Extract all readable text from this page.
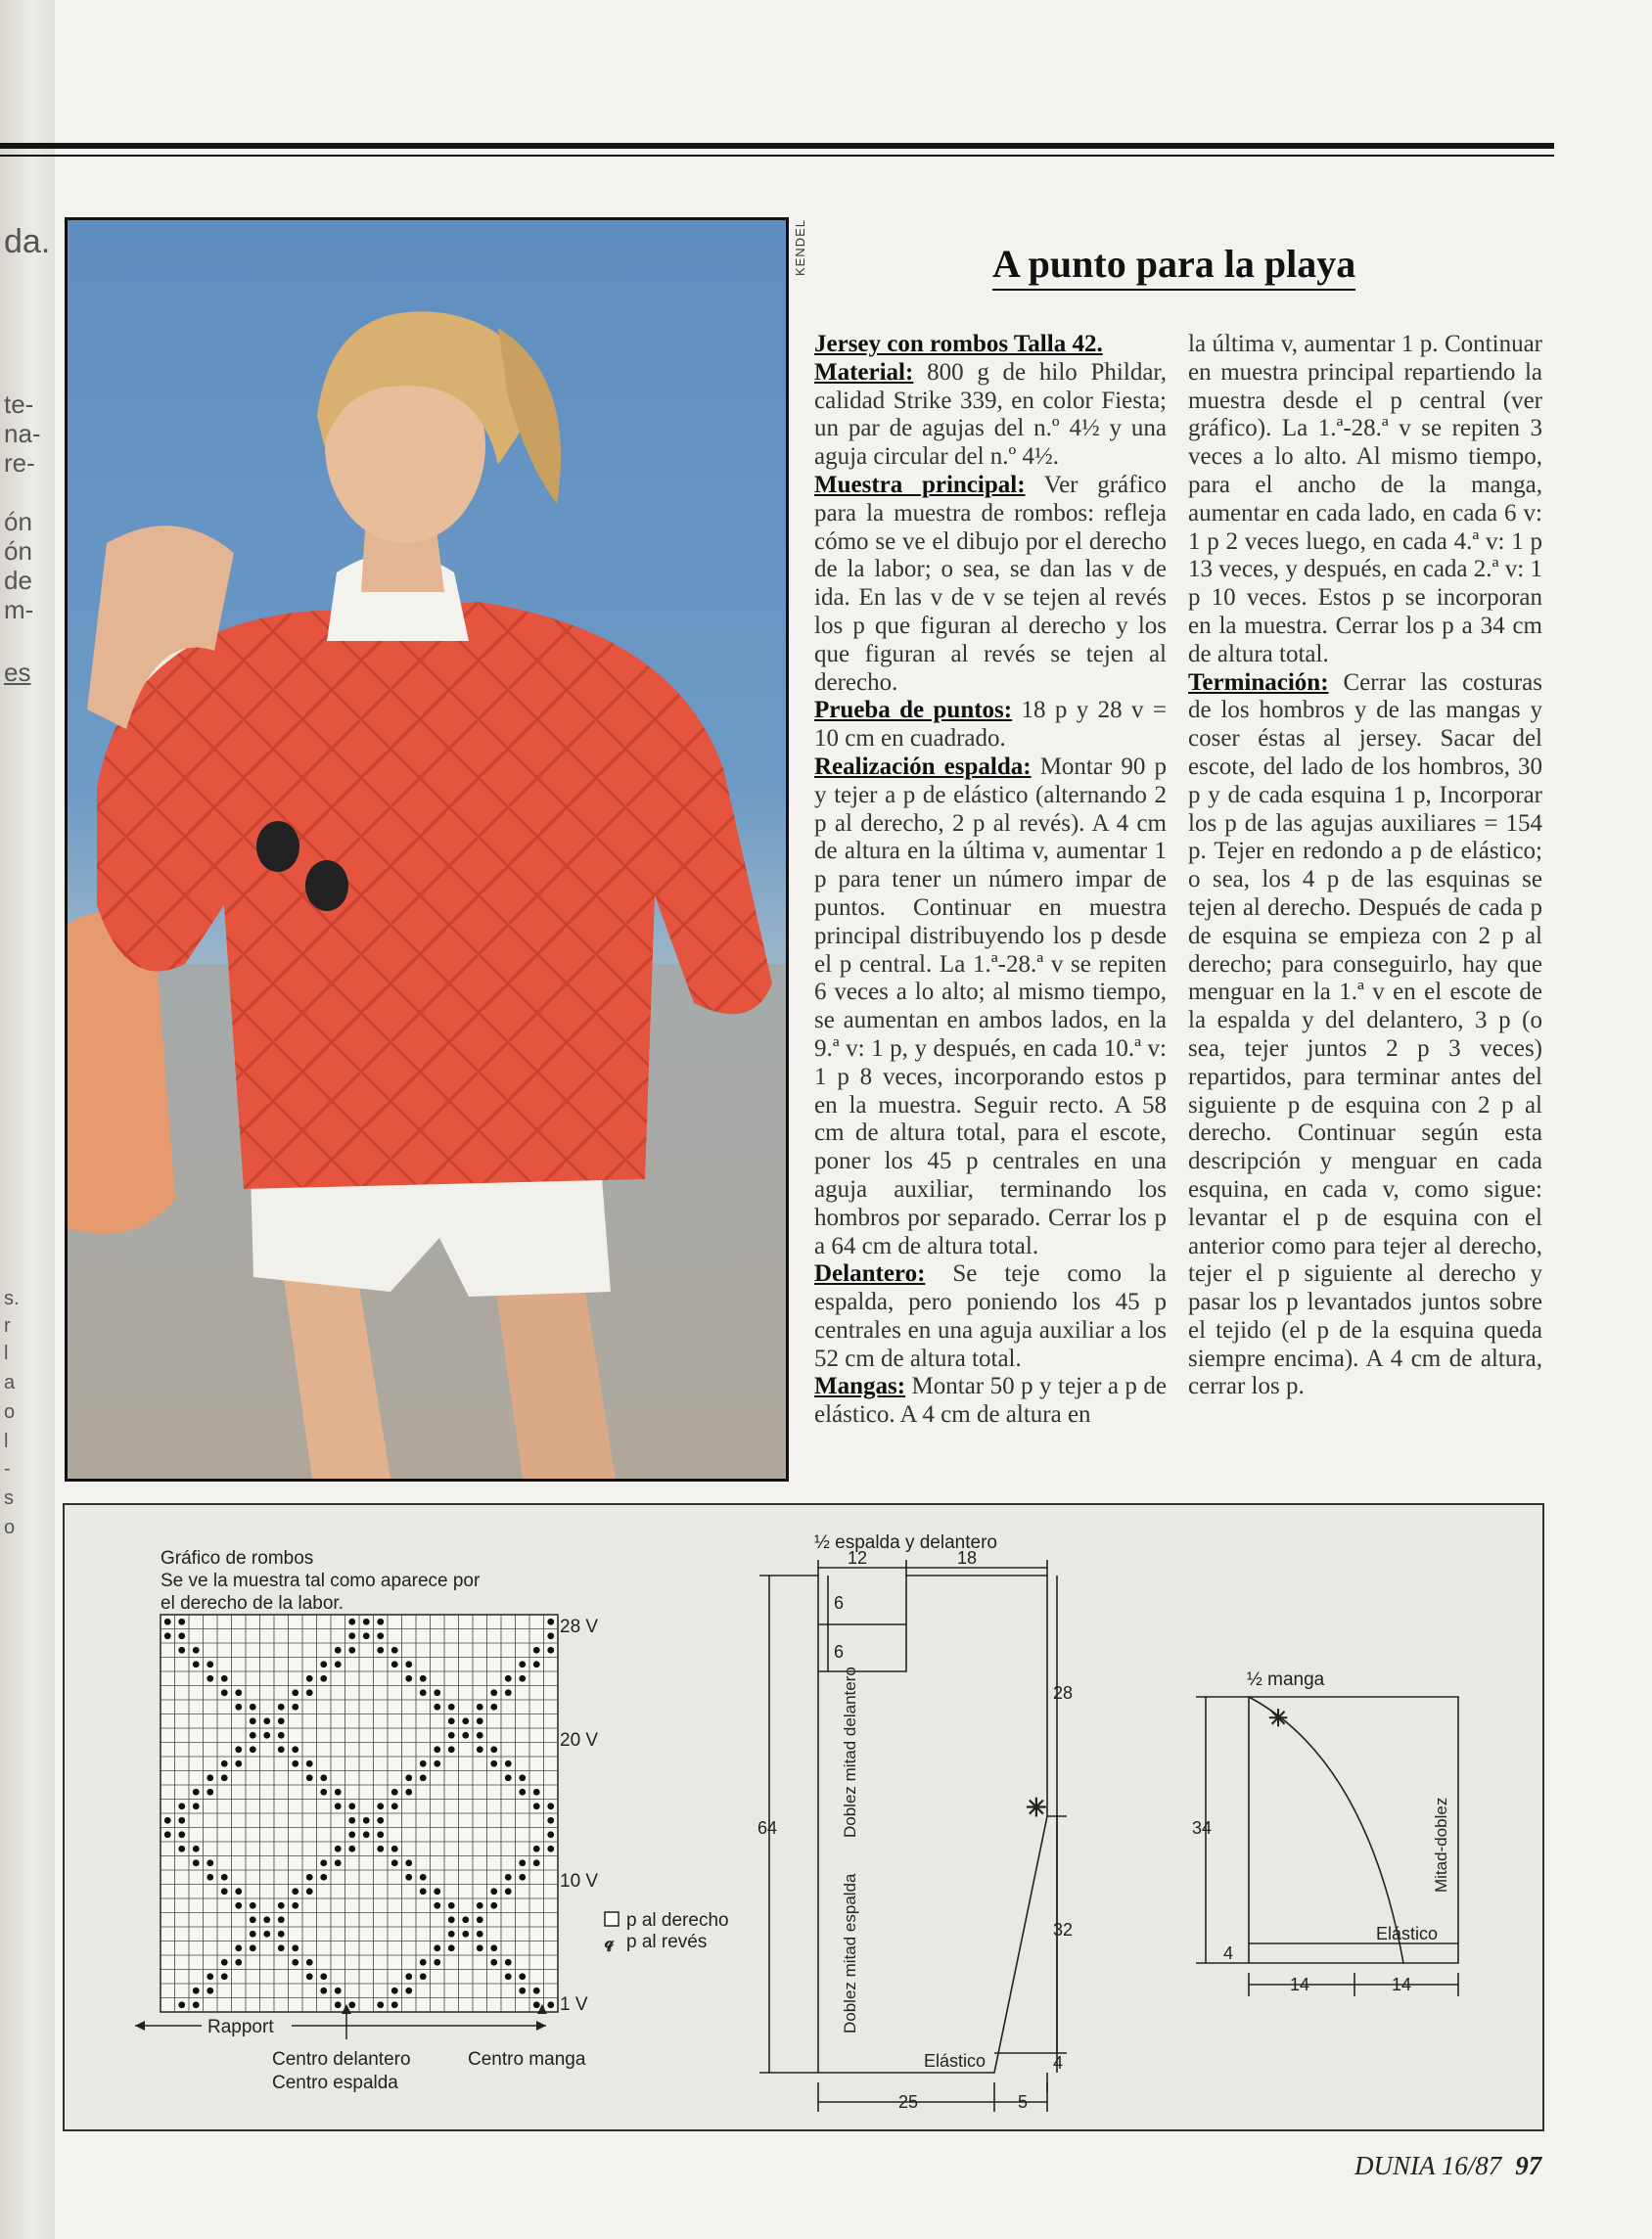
da.
te-
na-
re-
ón
ón
de
m-
es
s.
r
l
a
o
l
-
s
o
KENDEL	A punto para la playa

Jersey con rombos Talla 42.

Material: 800 g de hilo Phildar, calidad Strike 339, en color Fiesta; un par de agujas del n.º 4½ y una aguja circular del n.º 4½.

Muestra principal: Ver gráfico para la muestra de rombos: refleja cómo se ve el dibujo por el derecho de la labor; o sea, se dan las v de ida. En las v de v se tejen al revés los p que figuran al derecho y los que figuran al revés se tejen al derecho.

Prueba de puntos: 18 p y 28 v = 10 cm en cuadrado.

Realización espalda: Montar 90 p y tejer a p de elástico (alternando 2 p al derecho, 2 p al revés). A 4 cm de altura en la última v, aumentar 1 p para tener un número impar de puntos. Continuar en muestra principal distribuyendo los p desde el p central. La 1.ª-28.ª v se repiten 6 veces a lo alto; al mismo tiempo, se aumentan en ambos lados, en la 9.ª v: 1 p, y después, en cada 10.ª v: 1 p 8 veces, incorporando estos p en la muestra. Seguir recto. A 58 cm de altura total, para el escote, poner los 45 p centrales en una aguja auxiliar, terminando los hombros por separado. Cerrar los p a 64 cm de altura total.

Delantero: Se teje como la espalda, pero poniendo los 45 p centrales en una aguja auxiliar a los 52 cm de altura total.

Mangas: Montar 50 p y tejer a p de elástico. A 4 cm de altura en

la última v, aumentar 1 p. Continuar en muestra principal repartiendo la muestra desde el p central (ver gráfico). La 1.ª-28.ª v se repiten 3 veces a lo alto. Al mismo tiempo, para el ancho de la manga, aumentar en cada lado, en cada 6 v: 1 p 2 veces luego, en cada 4.ª v: 1 p 13 veces, y después, en cada 2.ª v: 1 p 10 veces. Estos p se incorporan en la muestra. Cerrar los p a 34 cm de altura total.

Terminación: Cerrar las costuras de los hombros y de las mangas y coser éstas al jersey. Sacar del escote, del lado de los hombros, 30 p y de cada esquina 1 p, Incorporar los p de las agujas auxiliares = 154 p. Tejer en redondo a p de elástico; o sea, los 4 p de las esquinas se tejen al derecho. Después de cada p de esquina se empieza con 2 p al derecho; para conseguirlo, hay que menguar en la 1.ª v en el escote de la espalda y del delantero, 3 p (o sea, tejer juntos 2 p 3 veces) repartidos, para terminar antes del siguiente p de esquina con 2 p al derecho. Continuar según esta descripción y menguar en cada esquina, en cada v, como sigue: levantar el p de esquina con el anterior como para tejer al derecho, tejer el p siguiente al derecho y pasar los p levantados juntos sobre el tejido (el p de la esquina queda siempre encima). A 4 cm de altura, cerrar los p.

Gráfico de rombos
Se ve la muestra tal como aparece por
el derecho de la labor.
28 V
20 V
10 V
1 V
p al derecho
𝓆 p al revés
Rapport
Centro delantero
Centro espalda
Centro manga
½ espalda y delantero
12	18
6
6
28
64
32
4
25	5
✳
Doblez mitad delantero
Doblez mitad espalda
Elástico
½ manga
✳
34
4
14	14
Elástico
Mitad-doblez
DUNIA 16/87 97
